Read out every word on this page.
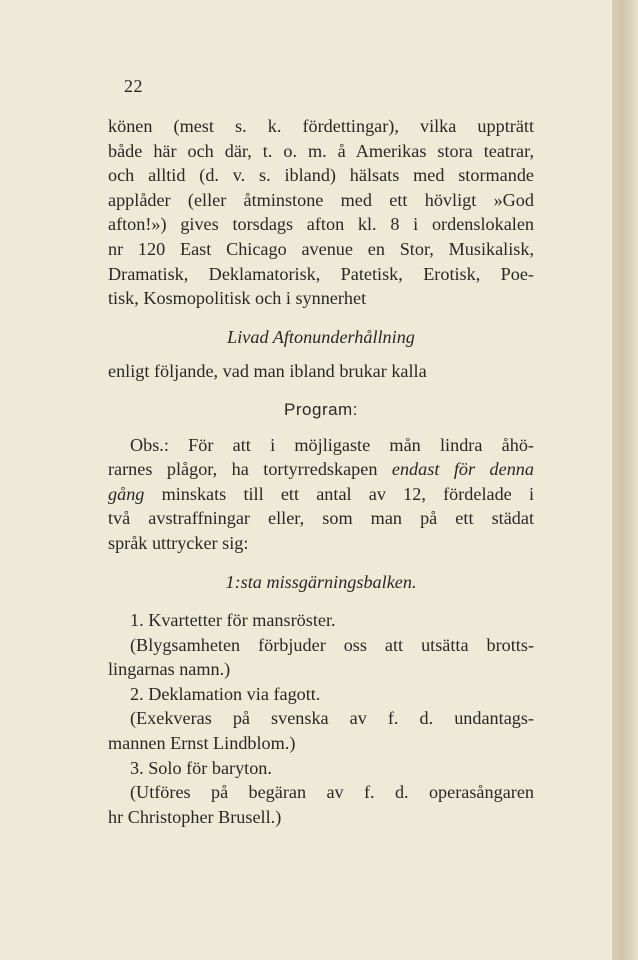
22
könen (mest s. k. fördettingar), vilka uppträtt
både här och där, t. o. m. å Amerikas stora teatrar,
och alltid (d. v. s. ibland) hälsats med stormande
applåder (eller åtminstone med ett hövligt »God
afton!») gives torsdags afton kl. 8 i ordenslokalen
nr 120 East Chicago avenue en Stor, Musikalisk,
Dramatisk, Deklamatorisk, Patetisk, Erotisk, Poe-
tisk, Kosmopolitisk och i synnerhet
Livad Aftonunderhållning
enligt följande, vad man ibland brukar kalla
Program:
Obs.: För att i möjligaste mån lindra åhö-
rarnes plågor, ha tortyrredskapen endast för denna
gång minskats till ett antal av 12, fördelade i
två avstraffningar eller, som man på ett städat
språk uttrycker sig:
1:sta missgärningsbalken.
1. Kvartetter för mansröster.
(Blygsamheten förbjuder oss att utsätta brotts-
lingarnas namn.)
2. Deklamation via fagott.
(Exekveras på svenska av f. d. undantags-
mannen Ernst Lindblom.)
3. Solo för baryton.
(Utföres på begäran av f. d. operasångaren
hr Christopher Brusell.)
